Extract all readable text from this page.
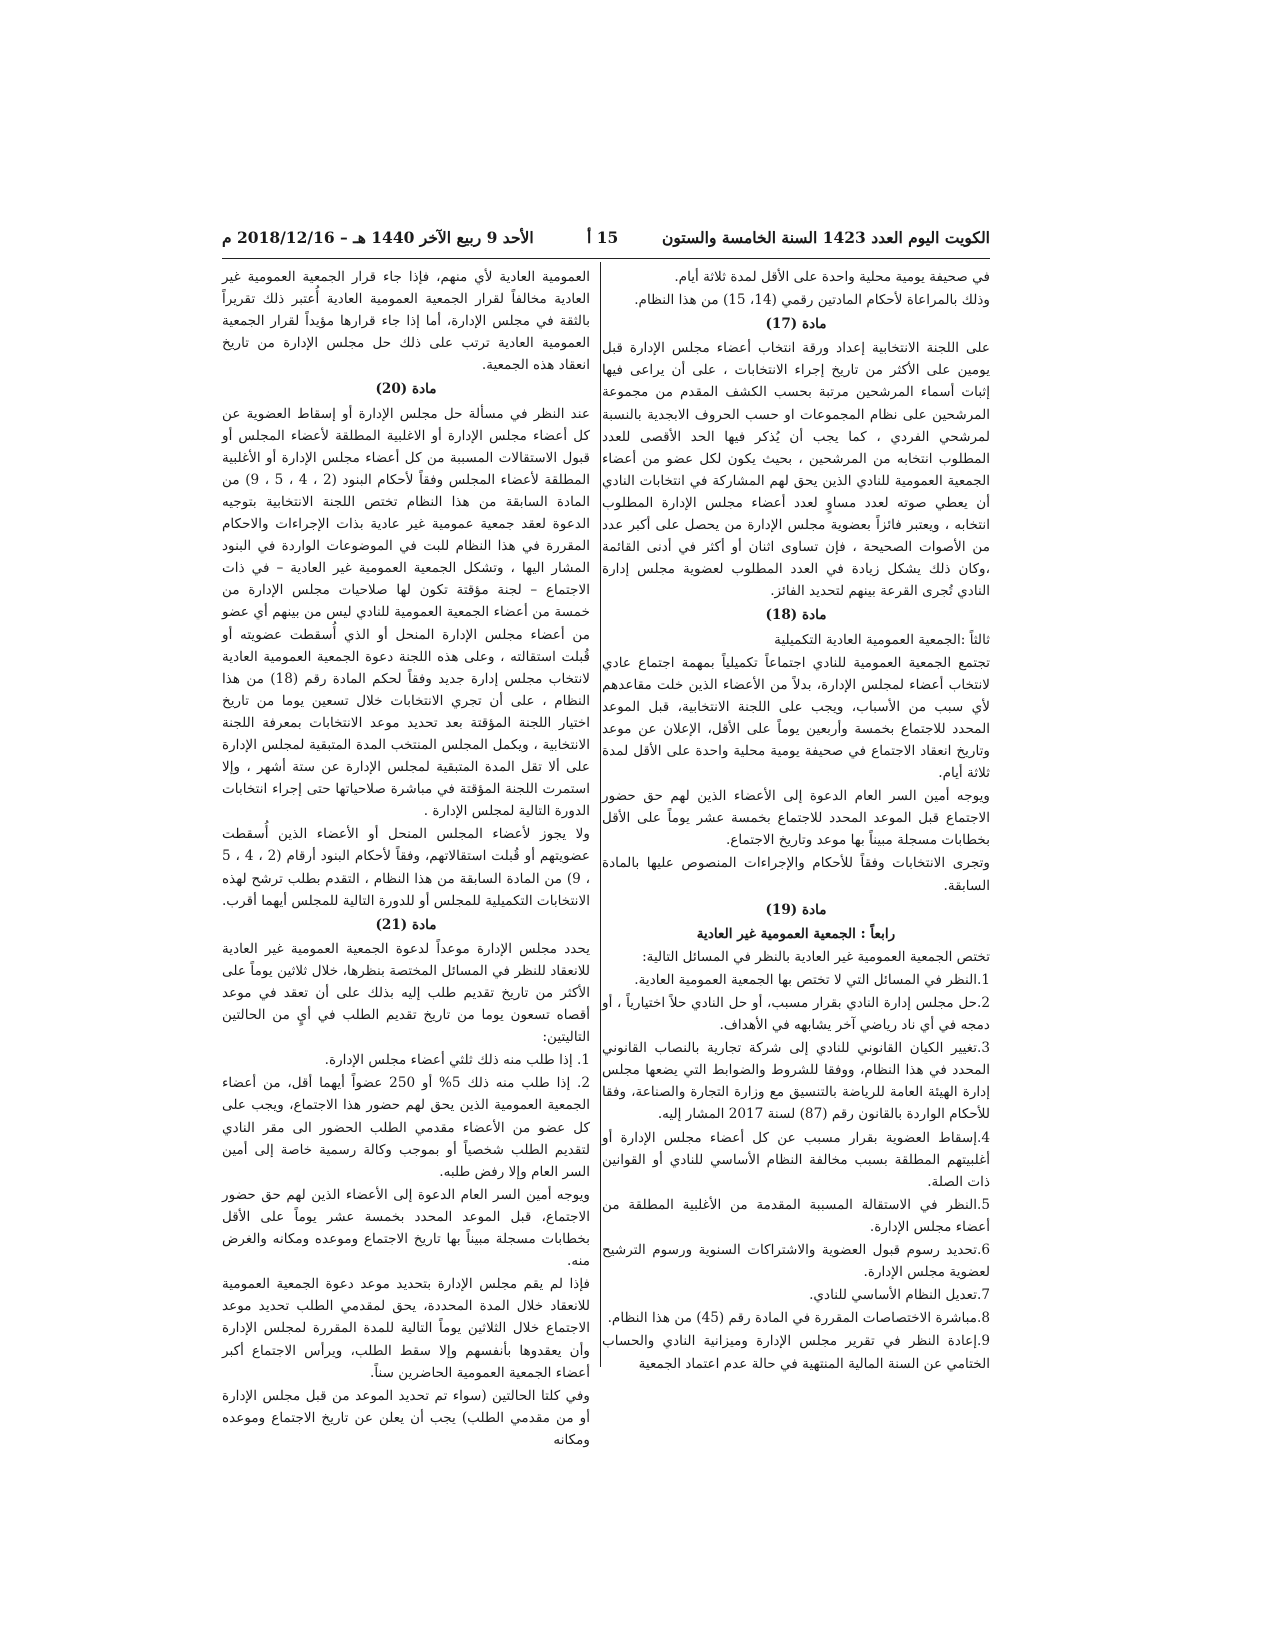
الكويت اليوم العدد 1423 السنة الخامسة والستون
15 أ
الأحد 9 ربيع الآخر 1440 هـ – 2018/12/16 م

في صحيفة يومية محلية واحدة على الأقل لمدة ثلاثة أيام.

وذلك بالمراعاة لأحكام المادتين رقمي (14، 15) من هذا النظام.

مادة (17)

على اللجنة الانتخابية إعداد ورقة انتخاب أعضاء مجلس الإدارة قبل يومين على الأكثر من تاريخ إجراء الانتخابات ، على أن يراعى فيها إثبات أسماء المرشحين مرتبة بحسب الكشف المقدم من مجموعة المرشحين على نظام المجموعات او حسب الحروف الابجدية بالنسبة لمرشحي الفردي ، كما يجب أن يُذكر فيها الحد الأقصى للعدد المطلوب انتخابه من المرشحين ، بحيث يكون لكل عضو من أعضاء الجمعية العمومية للنادي الذين يحق لهم المشاركة في انتخابات النادي أن يعطي صوته لعدد مساوٍ لعدد أعضاء مجلس الإدارة المطلوب انتخابه ، ويعتبر فائزاً بعضوية مجلس الإدارة من يحصل على أكبر عدد من الأصوات الصحيحة ، فإن تساوى اثنان أو أكثر في أدنى القائمة ،وكان ذلك يشكل زيادة في العدد المطلوب لعضوية مجلس إدارة النادي تُجرى القرعة بينهم لتحديد الفائز.

مادة (18)

ثالثاً :الجمعية العمومية العادية التكميلية

تجتمع الجمعية العمومية للنادي اجتماعاً تكميلياً بمهمة اجتماع عادي لانتخاب أعضاء لمجلس الإدارة، بدلاً من الأعضاء الذين خلت مقاعدهم لأي سبب من الأسباب، ويجب على اللجنة الانتخابية، قبل الموعد المحدد للاجتماع بخمسة وأربعين يوماً على الأقل، الإعلان عن موعد وتاريخ انعقاد الاجتماع في صحيفة يومية محلية واحدة على الأقل لمدة ثلاثة أيام.

ويوجه أمين السر العام الدعوة إلى الأعضاء الذين لهم حق حضور الاجتماع قبل الموعد المحدد للاجتماع بخمسة عشر يوماً على الأقل بخطابات مسجلة مبيناً بها موعد وتاريخ الاجتماع.

وتجرى الانتخابات وفقاً للأحكام والإجراءات المنصوص عليها بالمادة السابقة.

مادة (19)

رابعاً : الجمعية العمومية غير العادية

تختص الجمعية العمومية غير العادية بالنظر في المسائل التالية:

1.النظر في المسائل التي لا تختص بها الجمعية العمومية العادية.

2.حل مجلس إدارة النادي بقرار مسبب، أو حل النادي حلاً اختيارياً ، أو دمجه في أي ناد رياضي آخر يشابهه في الأهداف.

3.تغيير الكيان القانوني للنادي إلى شركة تجارية بالنصاب القانوني المحدد في هذا النظام، ووفقا للشروط والضوابط التي يضعها مجلس إدارة الهيئة العامة للرياضة بالتنسيق مع وزارة التجارة والصناعة، وفقا للأحكام الواردة بالقانون رقم (87) لسنة 2017 المشار إليه.

4.إسقاط العضوية بقرار مسبب عن كل أعضاء مجلس الإدارة أو أغلبيتهم المطلقة بسبب مخالفة النظام الأساسي للنادي أو القوانين ذات الصلة.

5.النظر في الاستقالة المسببة المقدمة من الأغلبية المطلقة من أعضاء مجلس الإدارة.

6.تحديد رسوم قبول العضوية والاشتراكات السنوية ورسوم الترشيح لعضوية مجلس الإدارة.

7.تعديل النظام الأساسي للنادي.

8.مباشرة الاختصاصات المقررة في المادة رقم (45) من هذا النظام.

9.إعادة النظر في تقرير مجلس الإدارة وميزانية النادي والحساب الختامي عن السنة المالية المنتهية في حالة عدم اعتماد الجمعية

العمومية العادية لأي منهم، فإذا جاء قرار الجمعية العمومية غير العادية مخالفاً لقرار الجمعية العمومية العادية أُعتبر ذلك تقريراً بالثقة في مجلس الإدارة، أما إذا جاء قرارها مؤيداً لقرار الجمعية العمومية العادية ترتب على ذلك حل مجلس الإدارة من تاريخ انعقاد هذه الجمعية.

مادة (20)

عند النظر في مسألة حل مجلس الإدارة أو إسقاط العضوية عن كل أعضاء مجلس الإدارة أو الاغلبية المطلقة لأعضاء المجلس أو قبول الاستقالات المسببة من كل أعضاء مجلس الإدارة أو الأغلبية المطلقة لأعضاء المجلس وفقاً لأحكام البنود (2 ، 4 ، 5 ، 9) من المادة السابقة من هذا النظام تختص اللجنة الانتخابية بتوجيه الدعوة لعقد جمعية عمومية غير عادية بذات الإجراءات والاحكام المقررة في هذا النظام للبت في الموضوعات الواردة في البنود المشار اليها ، وتشكل الجمعية العمومية غير العادية – في ذات الاجتماع – لجنة مؤقتة تكون لها صلاحيات مجلس الإدارة من خمسة من أعضاء الجمعية العمومية للنادي ليس من بينهم أي عضو من أعضاء مجلس الإدارة المنحل أو الذي أُسقطت عضويته أو قُبلت استقالته ، وعلى هذه اللجنة دعوة الجمعية العمومية العادية لانتخاب مجلس إدارة جديد وفقاً لحكم المادة رقم (18) من هذا النظام ، على أن تجري الانتخابات خلال تسعين يوما من تاريخ اختيار اللجنة المؤقتة بعد تحديد موعد الانتخابات بمعرفة اللجنة الانتخابية ، ويكمل المجلس المنتخب المدة المتبقية لمجلس الإدارة على ألا تقل المدة المتبقية لمجلس الإدارة عن ستة أشهر ، وإلا استمرت اللجنة المؤقتة في مباشرة صلاحياتها حتى إجراء انتخابات الدورة التالية لمجلس الإدارة .

ولا يجوز لأعضاء المجلس المنحل أو الأعضاء الذين أُسقطت عضويتهم أو قُبلت استقالاتهم، وفقاً لأحكام البنود أرقام (2 ، 4 ، 5 ، 9) من المادة السابقة من هذا النظام ، التقدم بطلب ترشح لهذه الانتخابات التكميلية للمجلس أو للدورة التالية للمجلس أيهما أقرب.

مادة (21)

يحدد مجلس الإدارة موعداً لدعوة الجمعية العمومية غير العادية للانعقاد للنظر في المسائل المختصة بنظرها، خلال ثلاثين يوماً على الأكثر من تاريخ تقديم طلب إليه بذلك على أن تعقد في موعد أقصاه تسعون يوما من تاريخ تقديم الطلب في أيٍ من الحالتين التاليتين:

1. إذا طلب منه ذلك ثلثي أعضاء مجلس الإدارة.

2. إذا طلب منه ذلك 5% أو 250 عضواً أيهما أقل، من أعضاء الجمعية العمومية الذين يحق لهم حضور هذا الاجتماع، ويجب على كل عضو من الأعضاء مقدمي الطلب الحضور الى مقر النادي لتقديم الطلب شخصياً أو بموجب وكالة رسمية خاصة إلى أمين السر العام وإلا رفض طلبه.

ويوجه أمين السر العام الدعوة إلى الأعضاء الذين لهم حق حضور الاجتماع، قبل الموعد المحدد بخمسة عشر يوماً على الأقل بخطابات مسجلة مبيناً بها تاريخ الاجتماع وموعده ومكانه والغرض منه.

فإذا لم يقم مجلس الإدارة بتحديد موعد دعوة الجمعية العمومية للانعقاد خلال المدة المحددة، يحق لمقدمي الطلب تحديد موعد الاجتماع خلال الثلاثين يوماً التالية للمدة المقررة لمجلس الإدارة وأن يعقدوها بأنفسهم وإلا سقط الطلب، ويرأس الاجتماع أكبر أعضاء الجمعية العمومية الحاضرين سناً.

وفي كلتا الحالتين (سواء تم تحديد الموعد من قبل مجلس الإدارة أو من مقدمي الطلب) يجب أن يعلن عن تاريخ الاجتماع وموعده ومكانه
